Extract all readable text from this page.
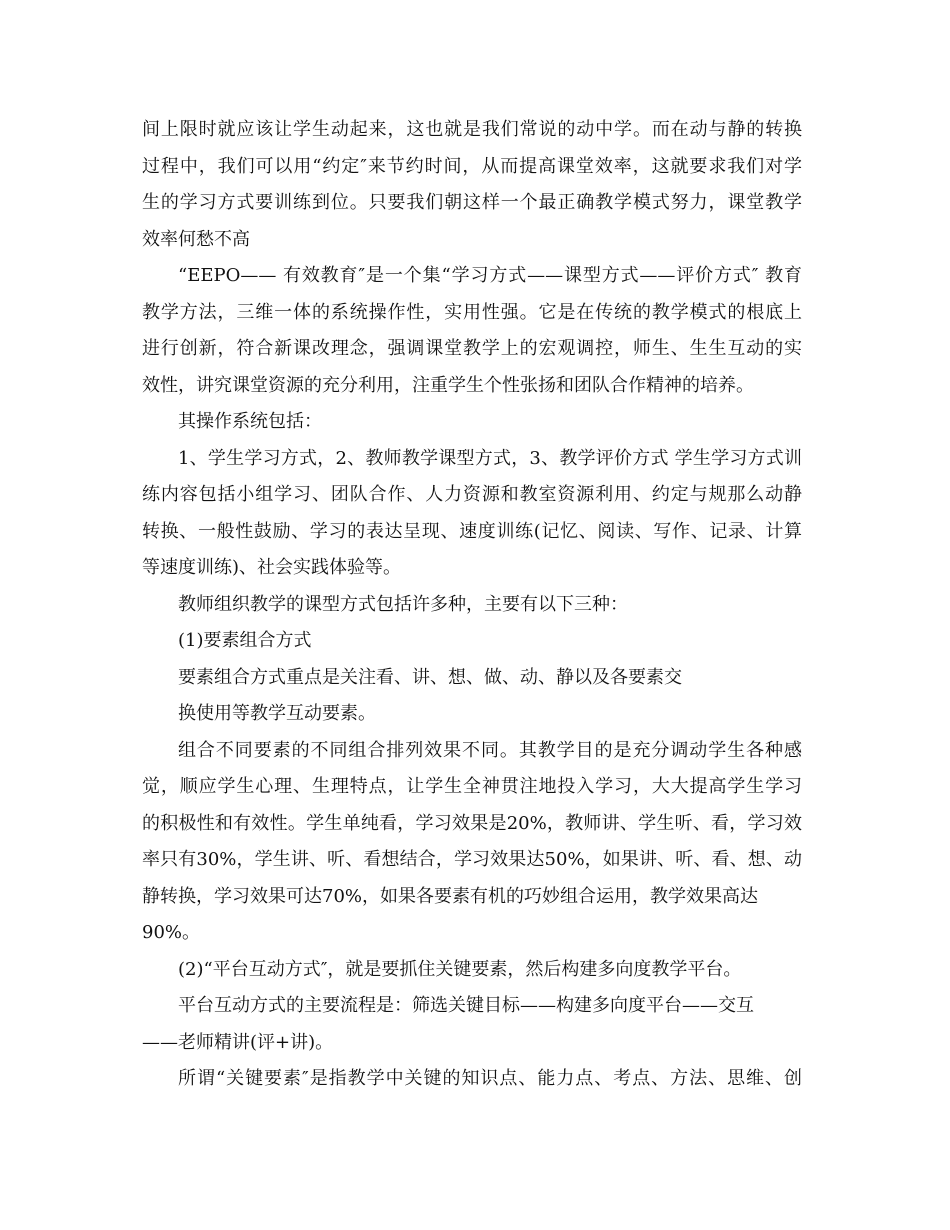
间上限时就应该让学生动起来，这也就是我们常说的动中学。而在动与静的转换
过程中，我们可以用“约定″来节约时间，从而提高课堂效率，这就要求我们对学
生的学习方式要训练到位。只要我们朝这样一个最正确教学模式努力，课堂教学
效率何愁不高
“EEPO—— 有效教育″是一个集“学习方式——课型方式——评价方式″ 教育
教学方法，三维一体的系统操作性，实用性强。它是在传统的教学模式的根底上
进行创新，符合新课改理念，强调课堂教学上的宏观调控，师生、生生互动的实
效性，讲究课堂资源的充分利用，注重学生个性张扬和团队合作精神的培养。
其操作系统包括：
1、学生学习方式，2、教师教学课型方式，3、教学评价方式 学生学习方式训
练内容包括小组学习、团队合作、人力资源和教室资源利用、约定与规那么动静
转换、一般性鼓励、学习的表达呈现、速度训练(记忆、阅读、写作、记录、计算
等速度训练)、社会实践体验等。
教师组织教学的课型方式包括许多种，主要有以下三种：
(1)要素组合方式
要素组合方式重点是关注看、讲、想、做、动、静以及各要素交
换使用等教学互动要素。
组合不同要素的不同组合排列效果不同。其教学目的是充分调动学生各种感
觉，顺应学生心理、生理特点，让学生全神贯注地投入学习，大大提高学生学习
的积极性和有效性。学生单纯看，学习效果是20%，教师讲、学生听、看，学习效
率只有30%，学生讲、听、看想结合，学习效果达50%，如果讲、听、看、想、动
静转换，学习效果可达70%，如果各要素有机的巧妙组合运用，教学效果高达
90%。
(2)“平台互动方式″，就是要抓住关键要素，然后构建多向度教学平台。
平台互动方式的主要流程是：筛选关键目标——构建多向度平台——交互
——老师精讲(评+讲)。
所谓“关键要素″是指教学中关键的知识点、能力点、考点、方法、思维、创
